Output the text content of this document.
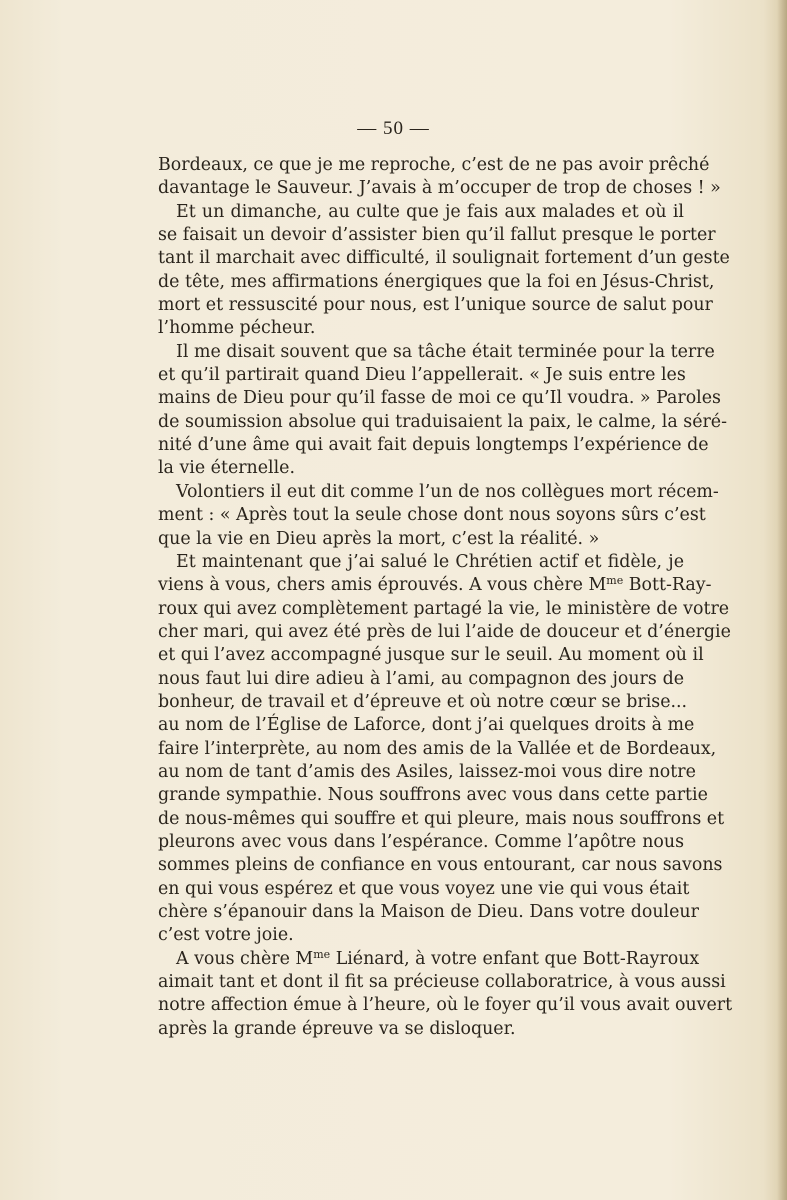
— 50 —
Bordeaux, ce que je me reproche, c’est de ne pas avoir prêché
davantage le Sauveur. J’avais à m’occuper de trop de choses ! »
Et un dimanche, au culte que je fais aux malades et où il
se faisait un devoir d’assister bien qu’il fallut presque le porter
tant il marchait avec difficulté, il soulignait fortement d’un geste
de tête, mes affirmations énergiques que la foi en Jésus-Christ,
mort et ressuscité pour nous, est l’unique source de salut pour
l’homme pécheur.
Il me disait souvent que sa tâche était terminée pour la terre
et qu’il partirait quand Dieu l’appellerait. « Je suis entre les
mains de Dieu pour qu’il fasse de moi ce qu’Il voudra. » Paroles
de soumission absolue qui traduisaient la paix, le calme, la séré-
nité d’une âme qui avait fait depuis longtemps l’expérience de
la vie éternelle.
Volontiers il eut dit comme l’un de nos collègues mort récem-
ment : « Après tout la seule chose dont nous soyons sûrs c’est
que la vie en Dieu après la mort, c’est la réalité. »
Et maintenant que j’ai salué le Chrétien actif et fidèle, je
viens à vous, chers amis éprouvés. A vous chère $M^{me}$ Bott-Ray-
roux qui avez complètement partagé la vie, le ministère de votre
cher mari, qui avez été près de lui l’aide de douceur et d’énergie
et qui l’avez accompagné jusque sur le seuil. Au moment où il
nous faut lui dire adieu à l’ami, au compagnon des jours de
bonheur, de travail et d’épreuve et où notre cœur se brise...
au nom de l’Église de Laforce, dont j’ai quelques droits à me
faire l’interprète, au nom des amis de la Vallée et de Bordeaux,
au nom de tant d’amis des Asiles, laissez-moi vous dire notre
grande sympathie. Nous souffrons avec vous dans cette partie
de nous-mêmes qui souffre et qui pleure, mais nous souffrons et
pleurons avec vous dans l’espérance. Comme l’apôtre nous
sommes pleins de confiance en vous entourant, car nous savons
en qui vous espérez et que vous voyez une vie qui vous était
chère s’épanouir dans la Maison de Dieu. Dans votre douleur
c’est votre joie.
A vous chère $M^{me}$ Liénard, à votre enfant que Bott-Rayroux
aimait tant et dont il fit sa précieuse collaboratrice, à vous aussi
notre affection émue à l’heure, où le foyer qu’il vous avait ouvert
après la grande épreuve va se disloquer.
